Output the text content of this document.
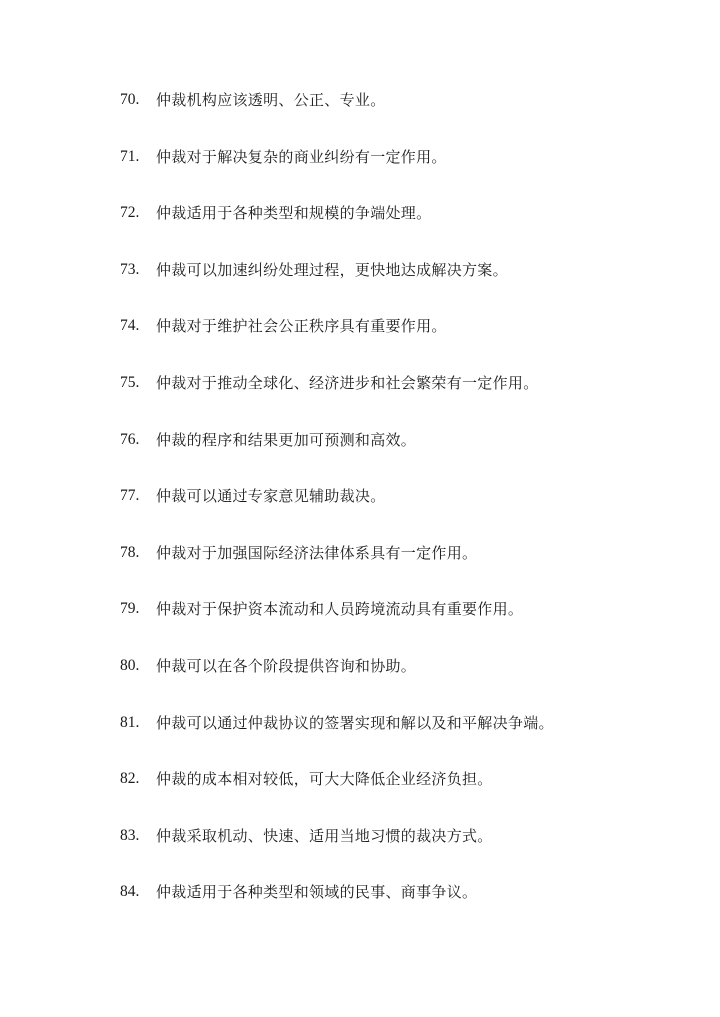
70.	仲裁机构应该透明、公正、专业。
71.	仲裁对于解决复杂的商业纠纷有一定作用。
72.	仲裁适用于各种类型和规模的争端处理。
73.	仲裁可以加速纠纷处理过程，更快地达成解决方案。
74.	仲裁对于维护社会公正秩序具有重要作用。
75.	仲裁对于推动全球化、经济进步和社会繁荣有一定作用。
76.	仲裁的程序和结果更加可预测和高效。
77.	仲裁可以通过专家意见辅助裁决。
78.	仲裁对于加强国际经济法律体系具有一定作用。
79.	仲裁对于保护资本流动和人员跨境流动具有重要作用。
80.	仲裁可以在各个阶段提供咨询和协助。
81.	仲裁可以通过仲裁协议的签署实现和解以及和平解决争端。
82.	仲裁的成本相对较低，可大大降低企业经济负担。
83.	仲裁采取机动、快速、适用当地习惯的裁决方式。
84.	仲裁适用于各种类型和领域的民事、商事争议。
